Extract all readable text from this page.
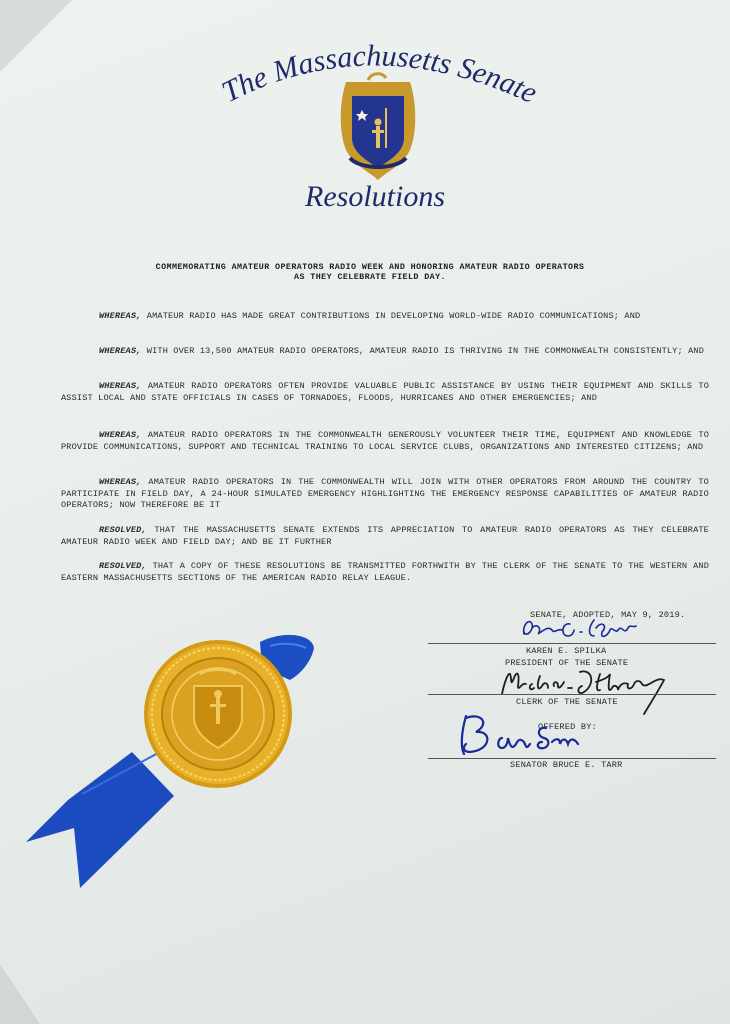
The Massachusetts Senate
Resolutions
COMMEMORATING AMATEUR OPERATORS RADIO WEEK AND HONORING AMATEUR RADIO OPERATORS
AS THEY CELEBRATE FIELD DAY.
WHEREAS, AMATEUR RADIO HAS MADE GREAT CONTRIBUTIONS IN DEVELOPING WORLD-WIDE RADIO COMMUNICATIONS; AND
WHEREAS, WITH OVER 13,500 AMATEUR RADIO OPERATORS, AMATEUR RADIO IS THRIVING IN THE COMMONWEALTH CONSISTENTLY; AND
WHEREAS, AMATEUR RADIO OPERATORS OFTEN PROVIDE VALUABLE PUBLIC ASSISTANCE BY USING THEIR EQUIPMENT AND SKILLS TO ASSIST LOCAL AND STATE OFFICIALS IN CASES OF TORNADOES, FLOODS, HURRICANES AND OTHER EMERGENCIES; AND
WHEREAS, AMATEUR RADIO OPERATORS IN THE COMMONWEALTH GENEROUSLY VOLUNTEER THEIR TIME, EQUIPMENT AND KNOWLEDGE TO PROVIDE COMMUNICATIONS, SUPPORT AND TECHNICAL TRAINING TO LOCAL SERVICE CLUBS, ORGANIZATIONS AND INTERESTED CITIZENS; AND
WHEREAS, AMATEUR RADIO OPERATORS IN THE COMMONWEALTH WILL JOIN WITH OTHER OPERATORS FROM AROUND THE COUNTRY TO PARTICIPATE IN FIELD DAY, A 24-HOUR SIMULATED EMERGENCY HIGHLIGHTING THE EMERGENCY RESPONSE CAPABILITIES OF AMATEUR RADIO OPERATORS; NOW THEREFORE BE IT
RESOLVED, THAT THE MASSACHUSETTS SENATE EXTENDS ITS APPRECIATION TO AMATEUR RADIO OPERATORS AS THEY CELEBRATE AMATEUR RADIO WEEK AND FIELD DAY; AND BE IT FURTHER
RESOLVED, THAT A COPY OF THESE RESOLUTIONS BE TRANSMITTED FORTHWITH BY THE CLERK OF THE SENATE TO THE WESTERN AND EASTERN MASSACHUSETTS SECTIONS OF THE AMERICAN RADIO RELAY LEAGUE.
SENATE, ADOPTED, MAY 9, 2019.
KAREN E. SPILKA
PRESIDENT OF THE SENATE
CLERK OF THE SENATE
OFFERED BY:
SENATOR BRUCE E. TARR
